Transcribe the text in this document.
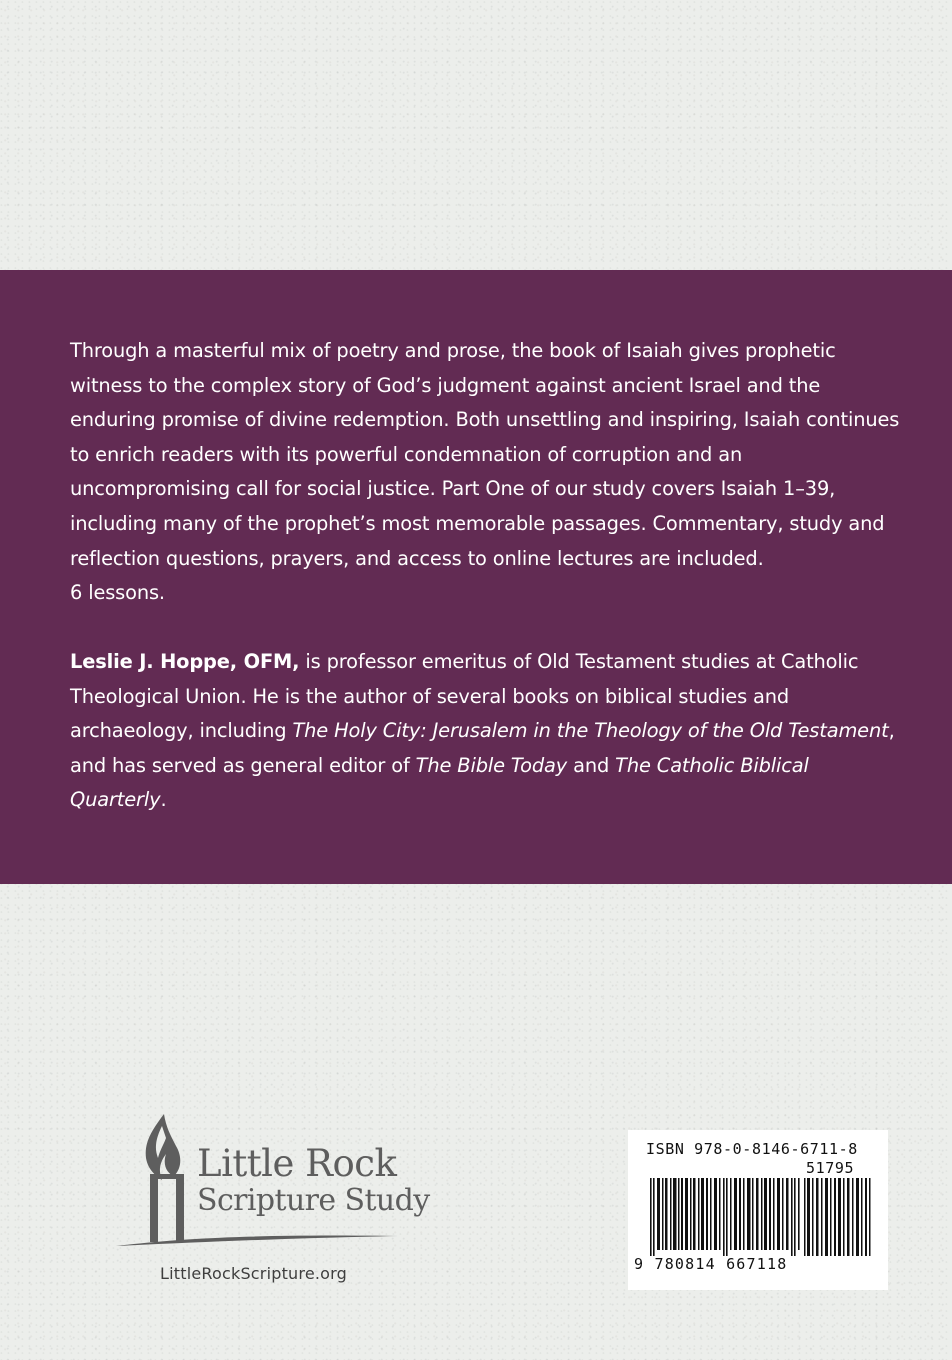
Through a masterful mix of poetry and prose, the book of Isaiah gives prophetic witness to the complex story of God’s judgment against ancient Israel and the enduring promise of divine redemption. Both unsettling and inspiring, Isaiah continues to enrich readers with its powerful condemnation of corruption and an uncompromising call for social justice. Part One of our study covers Isaiah 1–39, including many of the prophet’s most memorable passages. Commentary, study and reflection questions, prayers, and access to online lectures are included.
6 lessons.

Leslie J. Hoppe, OFM, is professor emeritus of Old Testament studies at Catholic Theological Union. He is the author of several books on biblical studies and archaeology, including The Holy City: Jerusalem in the Theology of the Old Testament, and has served as general editor of The Bible Today and The Catholic Biblical Quarterly.

Little Rock
Scripture Study
LittleRockScripture.org
ISBN 978-0-8146-6711-8
51795
9 780814 667118
